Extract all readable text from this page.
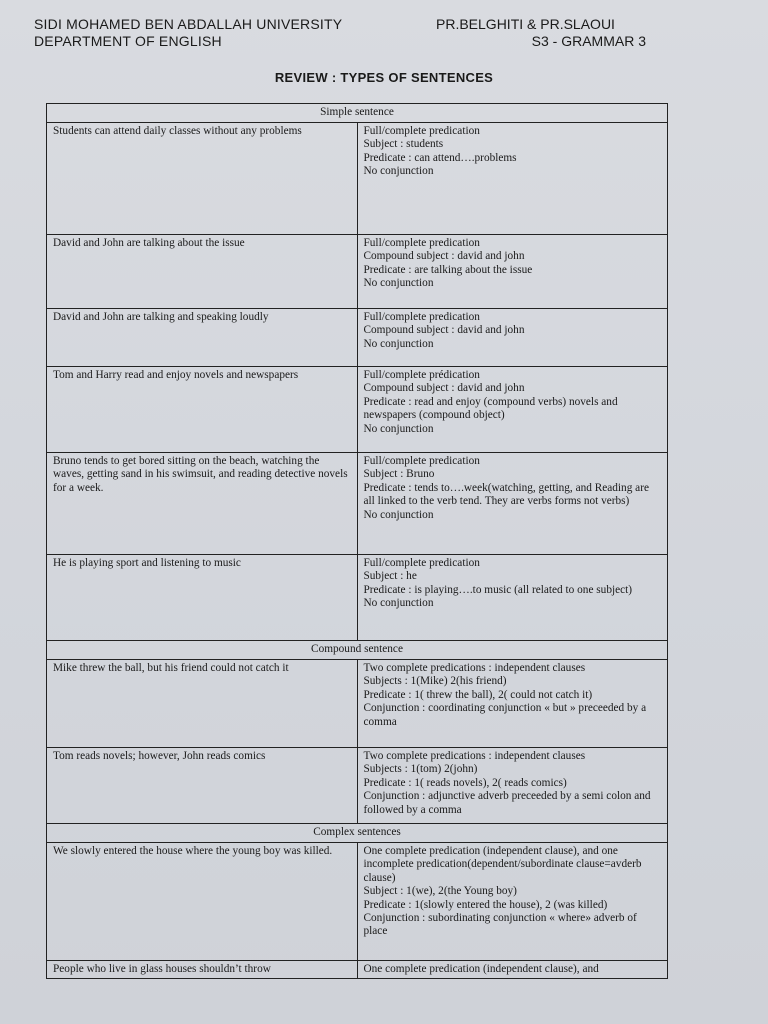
SIDI MOHAMED BEN ABDALLAH UNIVERSITY
DEPARTMENT OF ENGLISH
PR.BELGHITI & PR.SLAOUI
S3 - GRAMMAR 3
REVIEW : TYPES OF SENTENCES
Simple sentence	
Students can attend daily classes without any problems	Full/complete predication
Subject : students
Predicate : can attend….problems
No conjunction

David and John are talking about the issue	Full/complete predication
Compound subject : david and john
Predicate : are talking about the issue
No conjunction

David and John are talking and speaking loudly	Full/complete predication
Compound subject : david and john
No conjunction

Tom and Harry read and enjoy novels and newspapers	Full/complete prédication
Compound subject : david and john
Predicate : read and enjoy (compound verbs) novels and newspapers (compound object)
No conjunction

Bruno tends to get bored sitting on the beach, watching the waves, getting sand in his swimsuit, and reading detective novels for a week.	Full/complete predication
Subject : Bruno
Predicate : tends to….week(watching, getting, and Reading are all linked to the verb tend. They are verbs forms not verbs)
No conjunction

He is playing sport and listening to music	Full/complete predication
Subject : he
Predicate : is playing….to music (all related to one subject)
No conjunction

Compound sentence	
Mike threw the ball, but his friend could not catch it	Two complete predications : independent clauses
Subjects : 1(Mike) 2(his friend)
Predicate : 1( threw the ball), 2( could not catch it)
Conjunction : coordinating conjunction « but » preceeded by a comma

Tom reads novels; however, John reads comics	Two complete predications : independent clauses
Subjects : 1(tom) 2(john)
Predicate : 1( reads novels), 2( reads comics)
Conjunction : adjunctive adverb preceeded by a semi colon and followed by a comma

Complex sentences	
We slowly entered the house where the young boy was killed.	One complete predication (independent clause), and one incomplete predication(dependent/subordinate clause=avderb clause)
Subject : 1(we), 2(the Young boy)
Predicate : 1(slowly entered the house), 2 (was killed)
Conjunction : subordinating conjunction « where» adverb of place

People who live in glass houses shouldn’t throw	One complete predication (independent clause), and
